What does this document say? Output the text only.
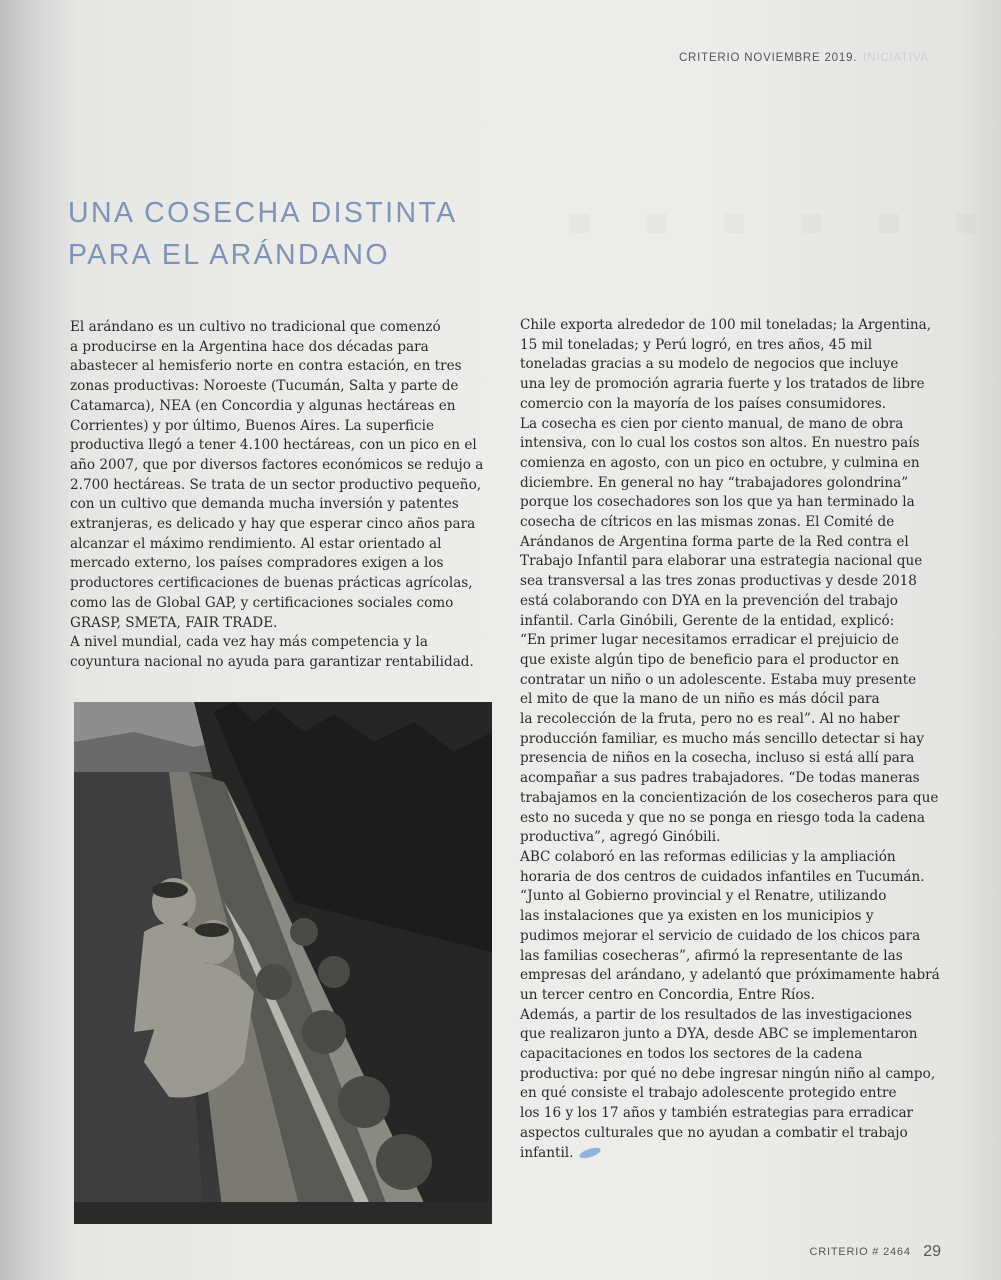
CRITERIO NOVIEMBRE 2019. INICIATIVA
▪ ▪ ▪ ▪ ▪ ▪
UNA COSECHA DISTINTA
PARA EL ARÁNDANO

El arándano es un cultivo no tradicional que comenzó

a producirse en la Argentina hace dos décadas para

abastecer al hemisferio norte en contra estación, en tres

zonas productivas: Noroeste (Tucumán, Salta y parte de

Catamarca), NEA (en Concordia y algunas hectáreas en

Corrientes) y por último, Buenos Aires. La superficie

productiva llegó a tener 4.100 hectáreas, con un pico en el

año 2007, que por diversos factores económicos se redujo a

2.700 hectáreas. Se trata de un sector productivo pequeño,

con un cultivo que demanda mucha inversión y patentes

extranjeras, es delicado y hay que esperar cinco años para

alcanzar el máximo rendimiento. Al estar orientado al

mercado externo, los países compradores exigen a los

productores certificaciones de buenas prácticas agrícolas,

como las de Global GAP, y certificaciones sociales como

GRASP, SMETA, FAIR TRADE.

A nivel mundial, cada vez hay más competencia y la

coyuntura nacional no ayuda para garantizar rentabilidad.

Chile exporta alrededor de 100 mil toneladas; la Argentina,

15 mil toneladas; y Perú logró, en tres años, 45 mil

toneladas gracias a su modelo de negocios que incluye

una ley de promoción agraria fuerte y los tratados de libre

comercio con la mayoría de los países consumidores.

La cosecha es cien por ciento manual, de mano de obra

intensiva, con lo cual los costos son altos. En nuestro país

comienza en agosto, con un pico en octubre, y culmina en

diciembre. En general no hay “trabajadores golondrina”

porque los cosechadores son los que ya han terminado la

cosecha de cítricos en las mismas zonas. El Comité de

Arándanos de Argentina forma parte de la Red contra el

Trabajo Infantil para elaborar una estrategia nacional que

sea transversal a las tres zonas productivas y desde 2018

está colaborando con DYA en la prevención del trabajo

infantil. Carla Ginóbili, Gerente de la entidad, explicó:

“En primer lugar necesitamos erradicar el prejuicio de

que existe algún tipo de beneficio para el productor en

contratar un niño o un adolescente. Estaba muy presente

el mito de que la mano de un niño es más dócil para

la recolección de la fruta, pero no es real”. Al no haber

producción familiar, es mucho más sencillo detectar si hay

presencia de niños en la cosecha, incluso si está allí para

acompañar a sus padres trabajadores. “De todas maneras

trabajamos en la concientización de los cosecheros para que

esto no suceda y que no se ponga en riesgo toda la cadena

productiva”, agregó Ginóbili.

ABC colaboró en las reformas edilicias y la ampliación

horaria de dos centros de cuidados infantiles en Tucumán.

“Junto al Gobierno provincial y el Renatre, utilizando

las instalaciones que ya existen en los municipios y

pudimos mejorar el servicio de cuidado de los chicos para

las familias cosecheras”, afirmó la representante de las

empresas del arándano, y adelantó que próximamente habrá

un tercer centro en Concordia, Entre Ríos.

Además, a partir de los resultados de las investigaciones

que realizaron junto a DYA, desde ABC se implementaron

capacitaciones en todos los sectores de la cadena

productiva: por qué no debe ingresar ningún niño al campo,

en qué consiste el trabajo adolescente protegido entre

los 16 y los 17 años y también estrategias para erradicar

aspectos culturales que no ayudan a combatir el trabajo

infantil.

CRITERIO # 2464 29
